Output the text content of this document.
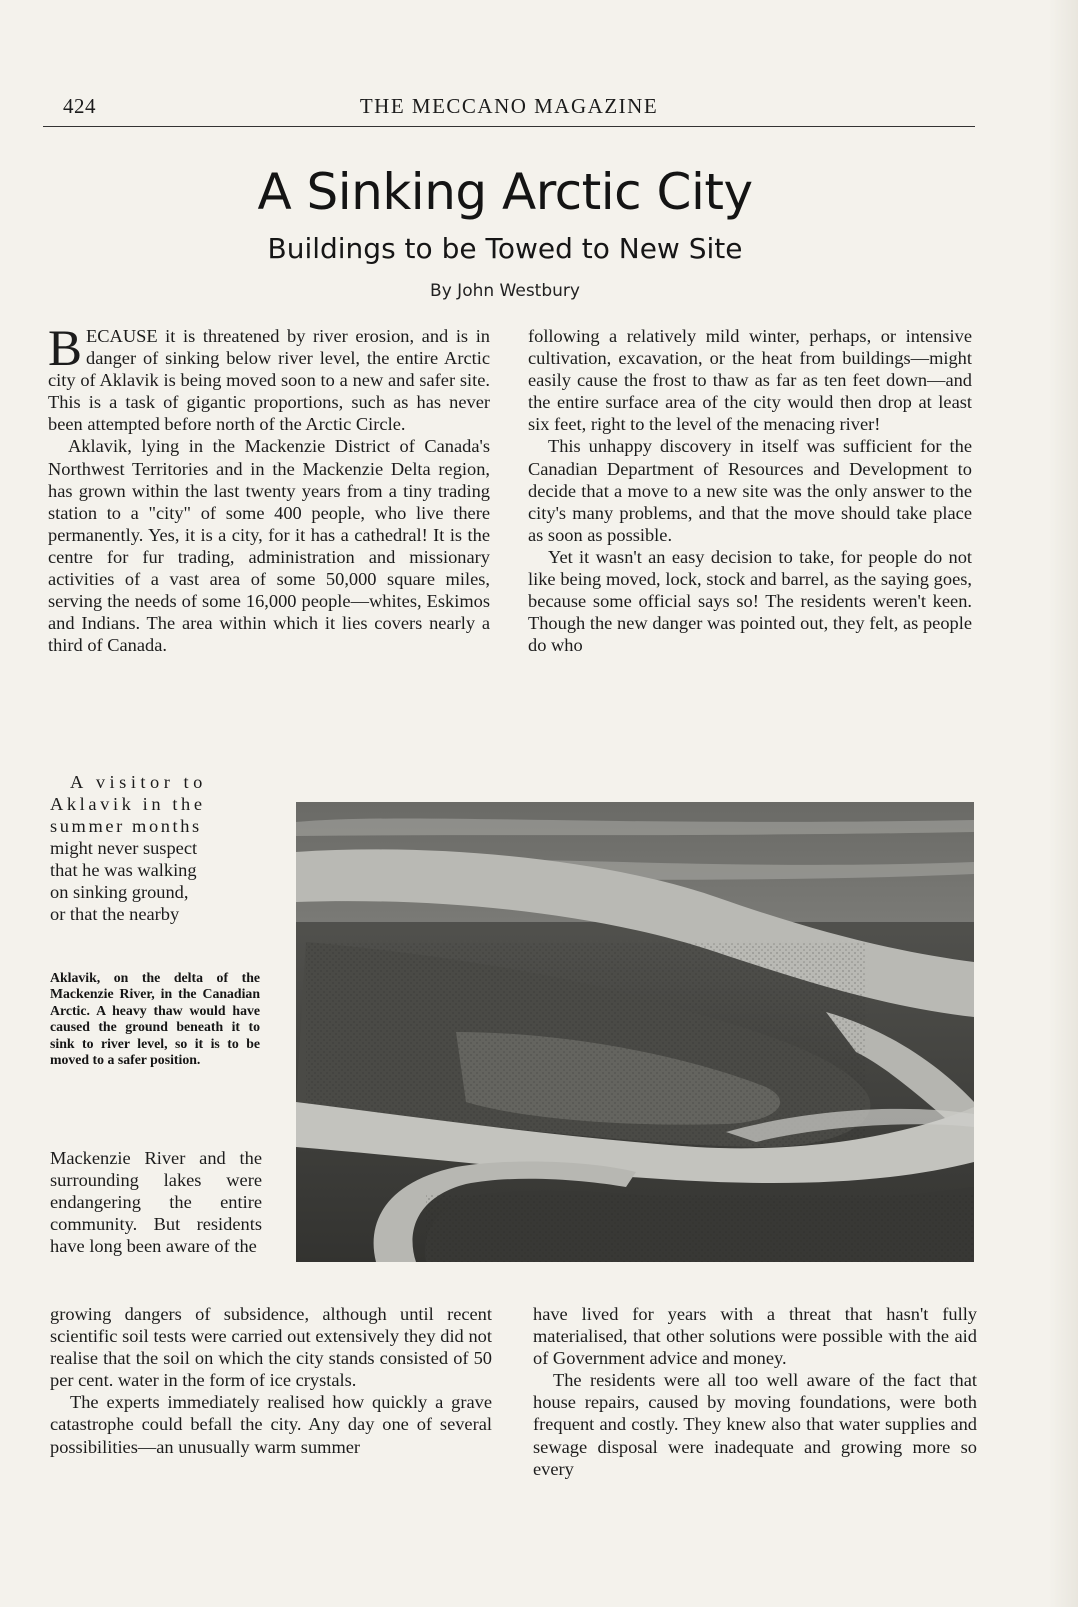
424	THE MECCANO MAGAZINE
A Sinking Arctic City
Buildings to be Towed to New Site
By John Westbury

BECAUSE it is threatened by river erosion, and is in danger of sinking below river level, the entire Arctic city of Aklavik is being moved soon to a new and safer site. This is a task of gigantic proportions, such as has never been attempted before north of the Arctic Circle.

Aklavik, lying in the Mackenzie District of Canada's Northwest Territories and in the Mackenzie Delta region, has grown within the last twenty years from a tiny trading station to a "city" of some 400 people, who live there permanently. Yes, it is a city, for it has a cathedral! It is the centre for fur trading, administration and missionary activities of a vast area of some 50,000 square miles, serving the needs of some 16,000 people—whites, Eskimos and Indians. The area within which it lies covers nearly a third of Canada.

following a relatively mild winter, perhaps, or intensive cultivation, excavation, or the heat from buildings—might easily cause the frost to thaw as far as ten feet down—and the entire surface area of the city would then drop at least six feet, right to the level of the menacing river!

This unhappy discovery in itself was sufficient for the Canadian Department of Resources and Development to decide that a move to a new site was the only answer to the city's many problems, and that the move should take place as soon as possible.

Yet it wasn't an easy decision to take, for people do not like being moved, lock, stock and barrel, as the saying goes, because some official says so! The residents weren't keen. Though the new danger was pointed out, they felt, as people do who

A visitor to

Aklavik in the

summer months

might never suspect

that he was walking

on sinking ground,

or that the nearby

Aklavik, on the delta of the Mackenzie River, in the Canadian Arctic. A heavy thaw would have caused the ground beneath it to sink to river level, so it is to be moved to a safer position.

Mackenzie River and the surrounding lakes were endangering the entire community. But residents have long been aware of the

growing dangers of subsidence, although until recent scientific soil tests were carried out extensively they did not realise that the soil on which the city stands consisted of 50 per cent. water in the form of ice crystals.

The experts immediately realised how quickly a grave catastrophe could befall the city. Any day one of several possibilities—an unusually warm summer

have lived for years with a threat that hasn't fully materialised, that other solutions were possible with the aid of Government advice and money.

The residents were all too well aware of the fact that house repairs, caused by moving foundations, were both frequent and costly. They knew also that water supplies and sewage disposal were inadequate and growing more so every
